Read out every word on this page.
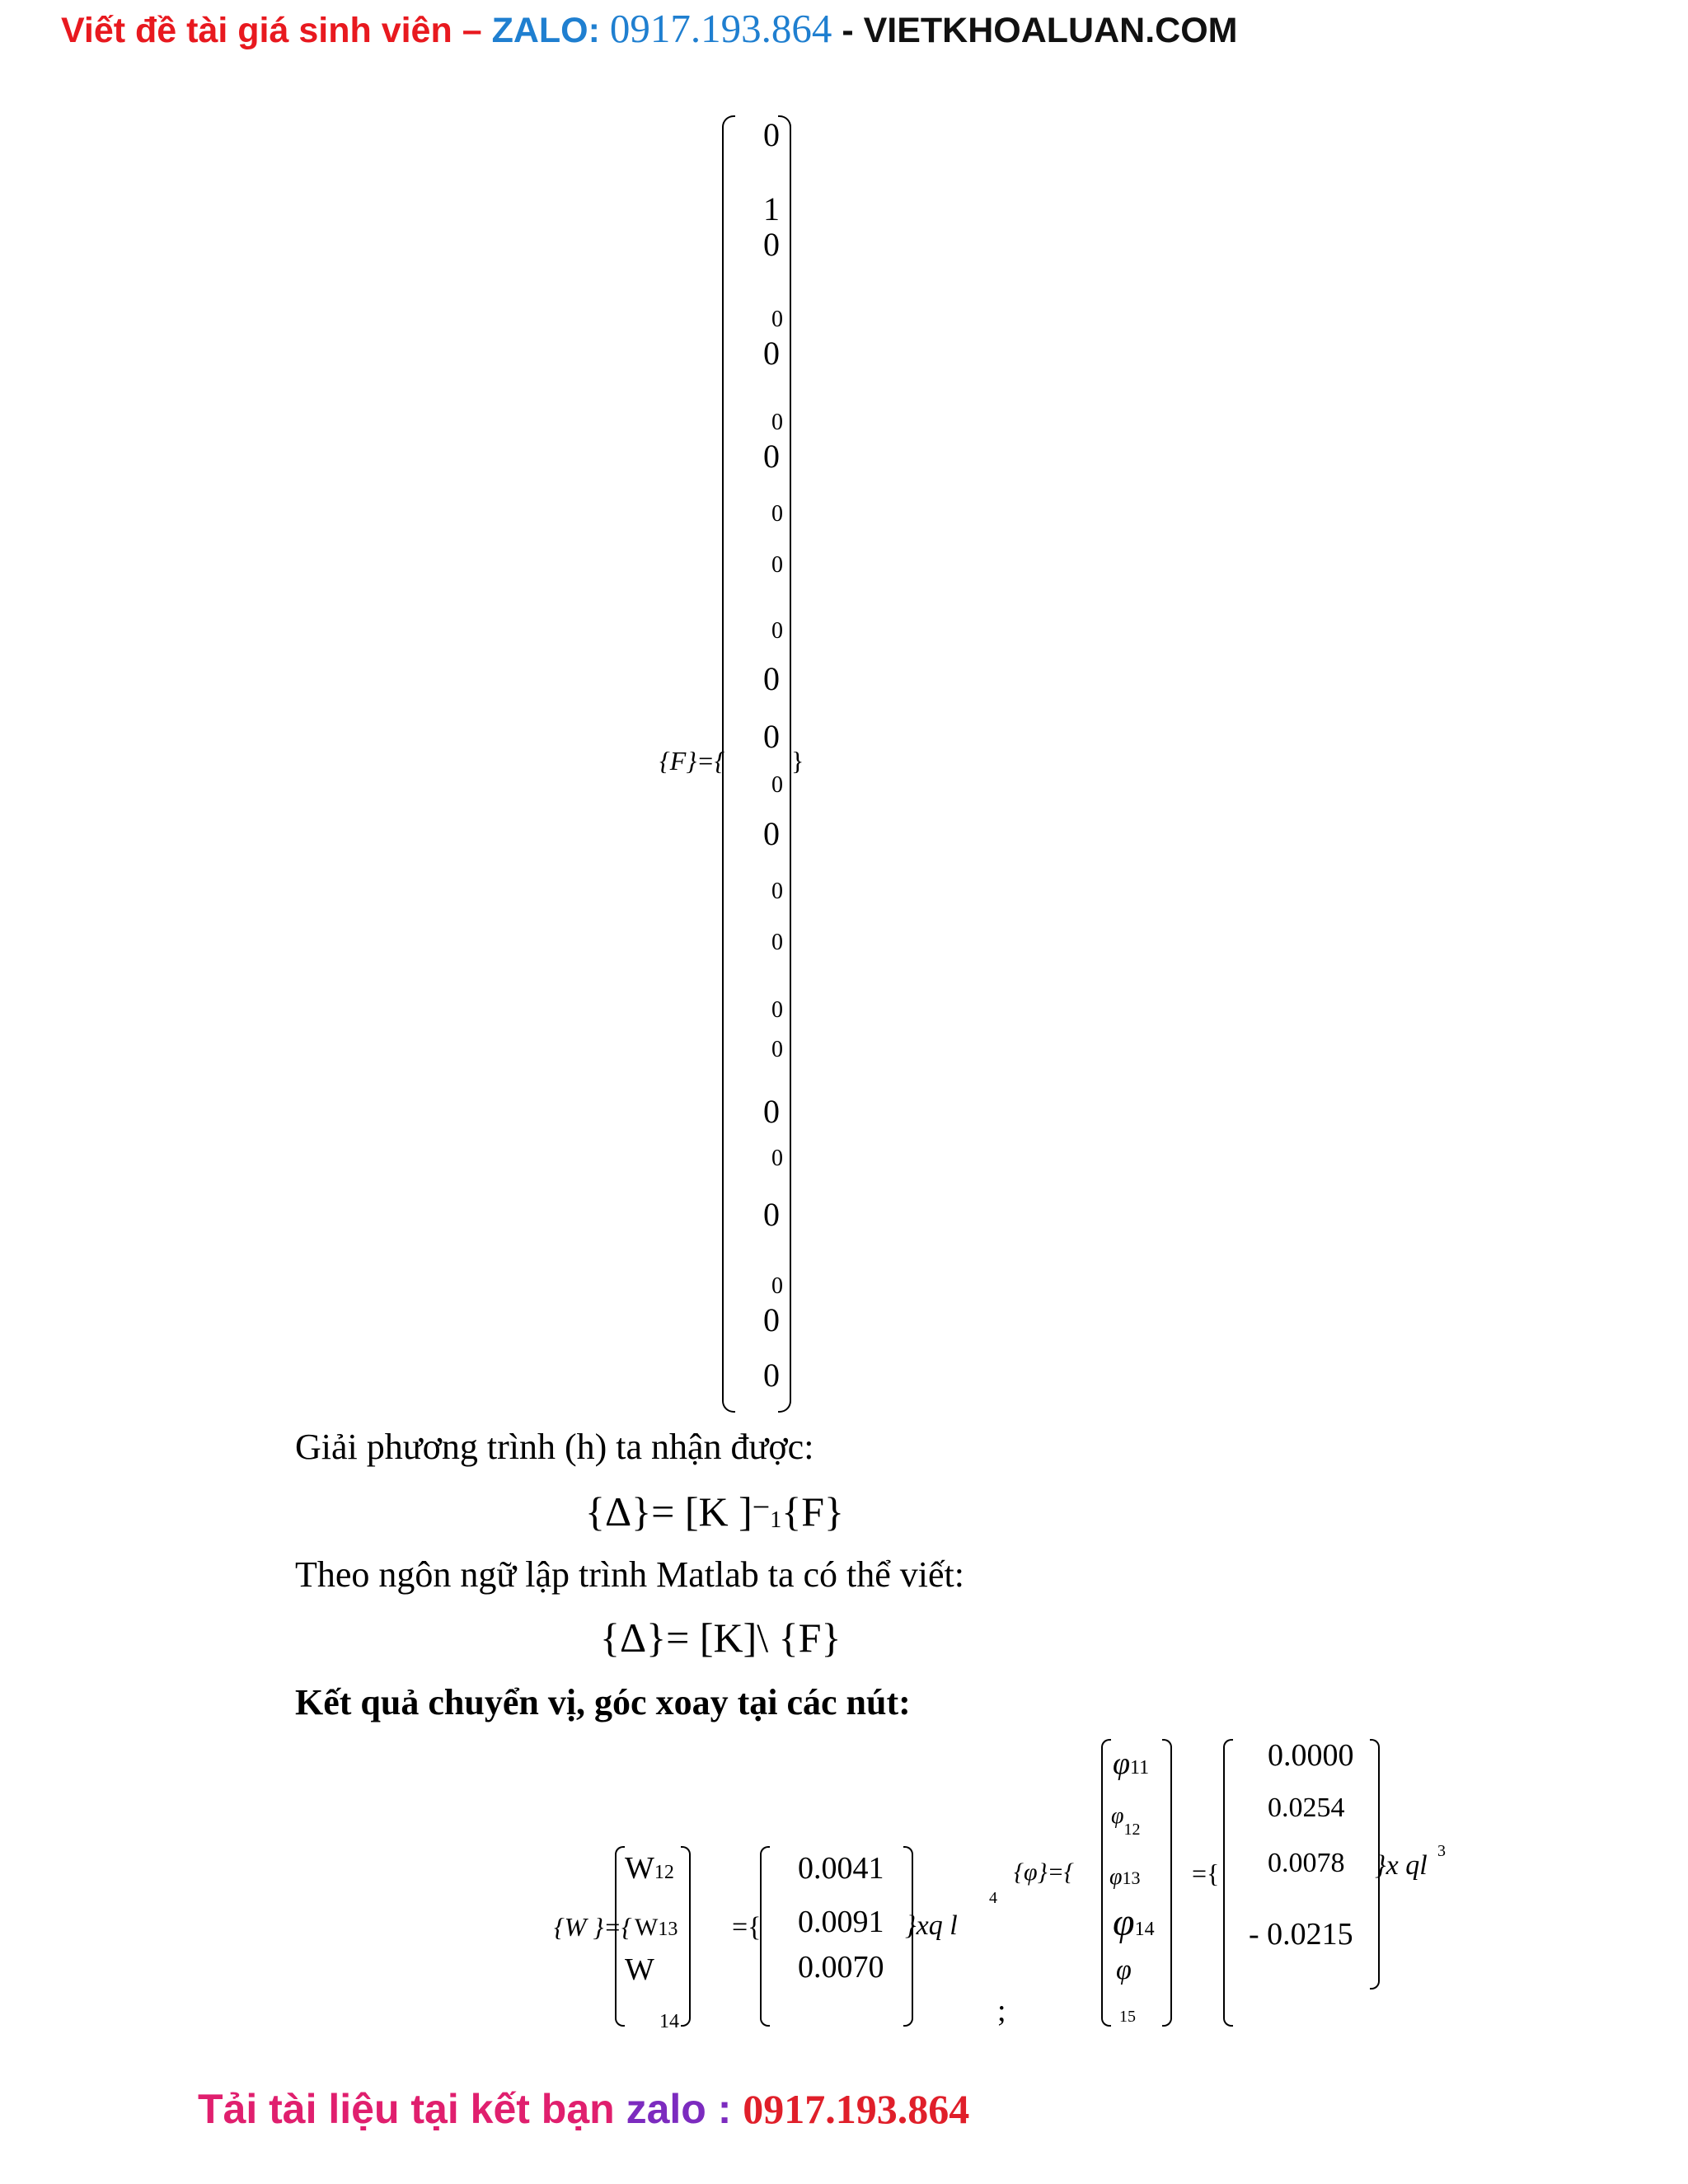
Viết đề tài giá sinh viên – ZALO: 0917.193.864 - VIETKHOALUAN.COM
{F}={	}
0
1
0
0
0
0
0
0
0
0
0
0
0
0
0
0
0
0
0
0
0
0
0
0
Giải phương trình (h) ta nhận được:
{Δ}= [K ]−1{F}
Theo ngôn ngữ lập trình Matlab ta có thể viết:
{Δ}= [K]\ {F}
Kết quả chuyển vị, góc xoay tại các nút:
{W }={
W12
W13
W
14
={
0.0041
0.0091
0.0070
}xq l
4
;
{φ}={
φ11
$\varphi_{12}$
φ13
φ14
φ
15
={
0.0000
0.0254
0.0078
- 0.0215
}x ql 3
Tải tài liệu tại kết bạn zalo : 0917.193.864
